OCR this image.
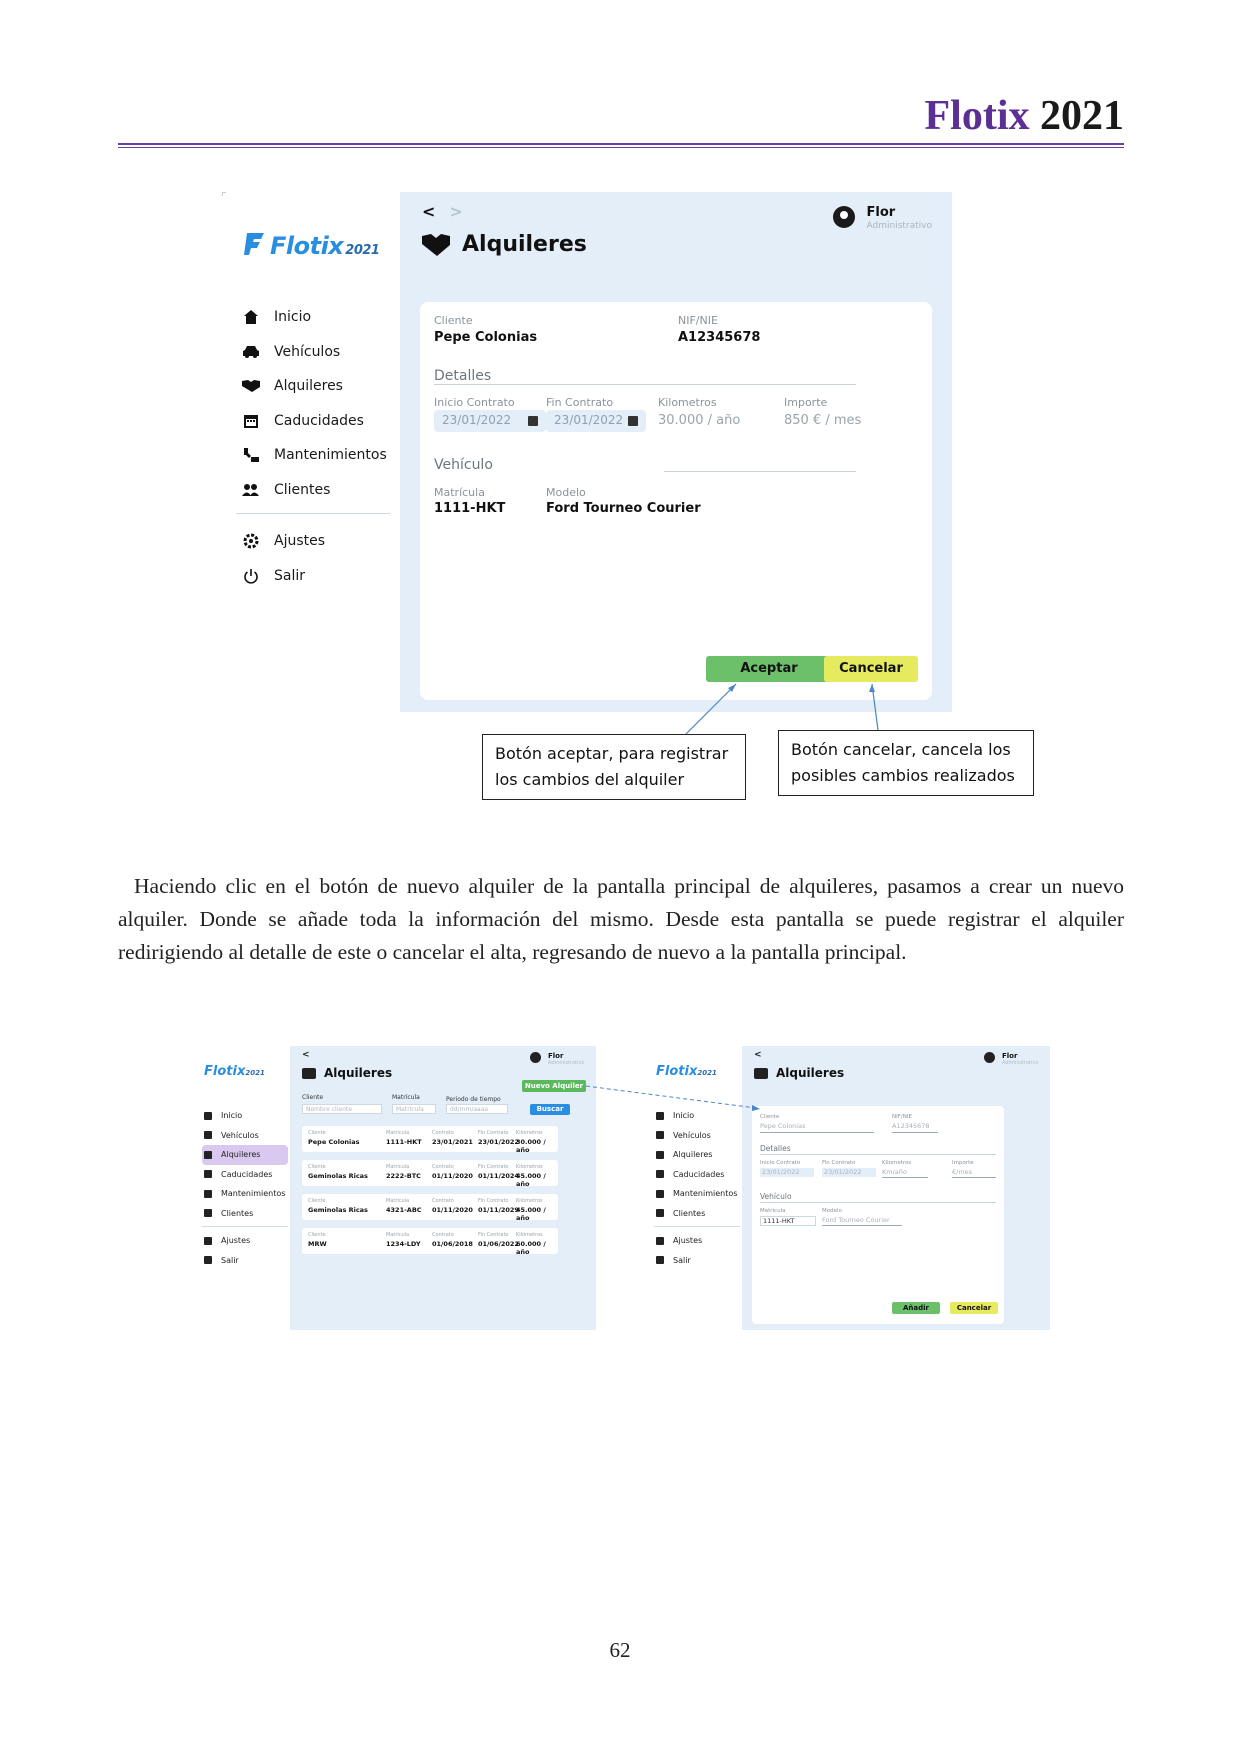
Flotix 2021
Flotix 2021
Inicio
Vehículos
Alquileres
Caducidades
Mantenimientos
Clientes
Ajustes
Salir
< >	Flor
Administrativo
Alquileres
Cliente
Pepe Colonias
NIF/NIE
A12345678
Detalles
Inicio Contrato
23/01/2022
Fin Contrato
23/01/2022
Kilometros
30.000 / año
Importe
850 € / mes
Vehículo
Matrícula
1111-HKT
Modelo
Ford Tourneo Courier
Aceptar	Cancelar
Botón aceptar, para registrar
los cambios del alquiler
Botón cancelar, cancela los
posibles cambios realizados
Haciendo clic en el botón de nuevo alquiler de la pantalla principal de alquileres, pasamos a crear un nuevo alquiler. Donde se añade toda la información del mismo. Desde esta pantalla se puede registrar el alquiler redirigiendo al detalle de este o cancelar el alta, regresando de nuevo a la pantalla principal.
Flotix2021
Inicio
Vehículos
Alquileres
Caducidades
Mantenimientos
Clientes
Ajustes
Salir
<	Flor
Administrativo
Alquileres
Nuevo Alquiler
Cliente
Nombre cliente
Matrícula
Matrícula
Periodo de tiempo
dd/mm/aaaa	Buscar
Cliente
Pepe Colonias
Matrícula
1111-HKT
Contrato
23/01/2021
Fin Contrato
23/01/2022
Kilómetros
30.000 / año
Cliente
Geminolas Ricas
Matrícula
2222-BTC
Contrato
01/11/2020
Fin Contrato
01/11/2024
Kilómetros
45.000 / año
Cliente
Geminolas Ricas
Matrícula
4321-ABC
Contrato
01/11/2020
Fin Contrato
01/11/2029
Kilómetros
45.000 / año
Cliente
MRW
Matrícula
1234-LDY
Contrato
01/06/2018
Fin Contrato
01/06/2022
Kilómetros
60.000 / año
Flotix2021
Inicio
Vehículos
Alquileres
Caducidades
Mantenimientos
Clientes
Ajustes
Salir
<	Flor
Administrativo
Alquileres
Cliente
Pepe Colonias
NIF/NIE
A12345678
Detalles
Inicio Contrato
23/01/2022
Fin Contrato
23/01/2022
Kilometros
Km/año
Importe
€/mes
Vehículo
Matrícula
1111-HKT
Modelo
Ford Tourneo Courier
Añadir	Cancelar
62
